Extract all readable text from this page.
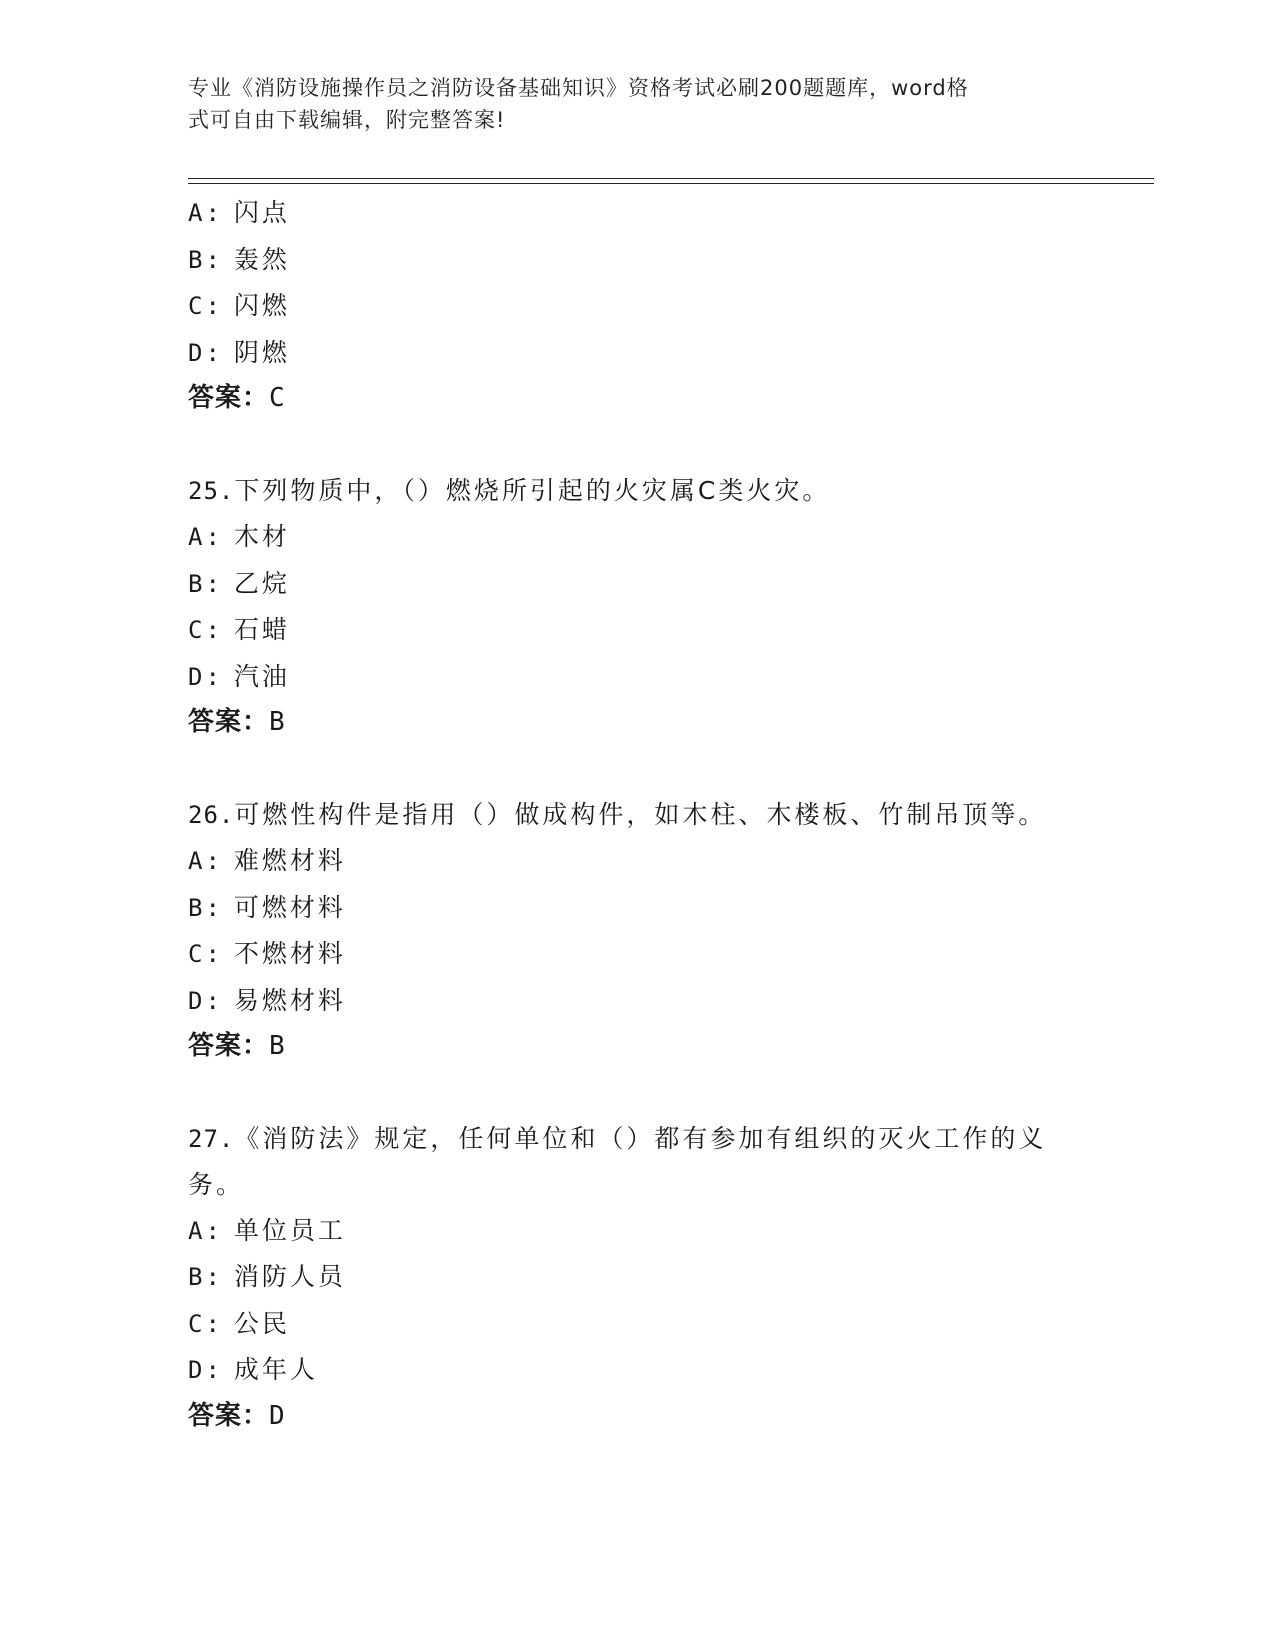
专业《消防设施操作员之消防设备基础知识》资格考试必刷200题题库，word格
式可自由下载编辑，附完整答案!
A: 闪点
B: 轰然
C: 闪燃
D: 阴燃
答案：C
25.下列物质中，（）燃烧所引起的火灾属C类火灾。
A: 木材
B: 乙烷
C: 石蜡
D: 汽油
答案：B
26.可燃性构件是指用（）做成构件，如木柱、木楼板、竹制吊顶等。
A: 难燃材料
B: 可燃材料
C: 不燃材料
D: 易燃材料
答案：B
27.《消防法》规定，任何单位和（）都有参加有组织的灭火工作的义
务。
A: 单位员工
B: 消防人员
C: 公民
D: 成年人
答案：D
